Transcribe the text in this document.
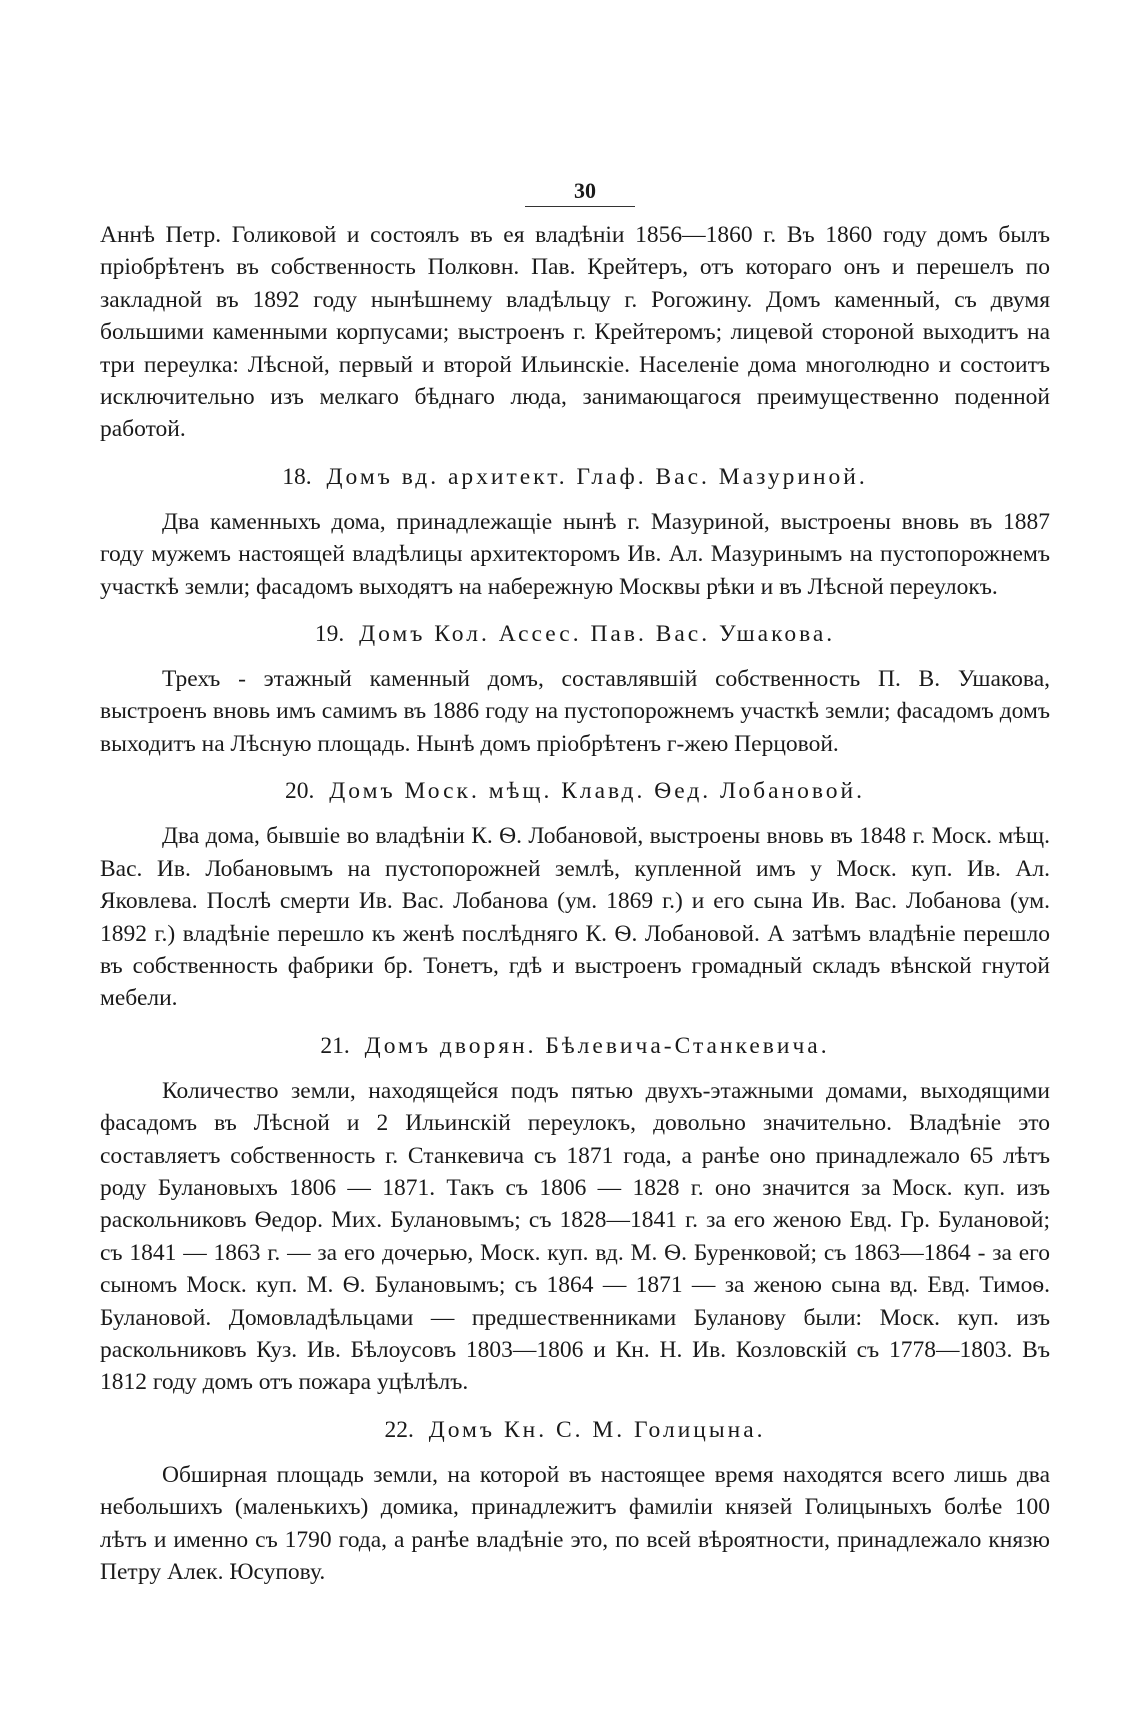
30

Аннѣ Петр. Голиковой и состоялъ въ ея владѣніи 1856—1860 г. Въ 1860 году домъ былъ пріобрѣтенъ въ собственность Полковн. Пав. Крейтеръ, отъ котораго онъ и перешелъ по закладной въ 1892 году нынѣшнему владѣльцу г. Рогожину. Домъ каменный, съ двумя большими каменными корпусами; выстроенъ г. Крейтеромъ; лицевой стороной выходитъ на три переулка: Лѣсной, первый и второй Ильинскіе. Населеніе дома многолюдно и состоитъ исключительно изъ мелкаго бѣднаго люда, занимающагося преимущественно поденной работой.

18. Домъ вд. архитект. Глаф. Вас. Мазуриной.

Два каменныхъ дома, принадлежащіе нынѣ г. Мазуриной, выстроены вновь въ 1887 году мужемъ настоящей владѣлицы архитекторомъ Ив. Ал. Мазуринымъ на пустопорожнемъ участкѣ земли; фасадомъ выходятъ на набережную Москвы рѣки и въ Лѣсной переулокъ.

19. Домъ Кол. Ассес. Пав. Вас. Ушакова.

Трехъ - этажный каменный домъ, составлявшій собственность П. В. Ушакова, выстроенъ вновь имъ самимъ въ 1886 году на пустопорожнемъ участкѣ земли; фасадомъ домъ выходитъ на Лѣсную площадь. Нынѣ домъ пріобрѣтенъ г-жею Перцовой.

20. Домъ Моск. мѣщ. Клавд. Ѳед. Лобановой.

Два дома, бывшіе во владѣніи К. Ѳ. Лобановой, выстроены вновь въ 1848 г. Моск. мѣщ. Вас. Ив. Лобановымъ на пустопорожней землѣ, купленной имъ у Моск. куп. Ив. Ал. Яковлева. Послѣ смерти Ив. Вас. Лобанова (ум. 1869 г.) и его сына Ив. Вас. Лобанова (ум. 1892 г.) владѣніе перешло къ женѣ послѣдняго К. Ѳ. Лобановой. А затѣмъ владѣніе перешло въ собственность фабрики бр. Тонетъ, гдѣ и выстроенъ громадный складъ вѣнской гнутой мебели.

21. Домъ дворян. Бѣлевича-Станкевича.

Количество земли, находящейся подъ пятью двухъ-этажными домами, выходящими фасадомъ въ Лѣсной и 2 Ильинскій переулокъ, довольно значительно. Владѣніе это составляетъ собственность г. Станкевича съ 1871 года, а ранѣе оно принадлежало 65 лѣтъ роду Булановыхъ 1806 — 1871. Такъ съ 1806 — 1828 г. оно значится за Моск. куп. изъ раскольниковъ Ѳедор. Мих. Булановымъ; съ 1828—1841 г. за его женою Евд. Гр. Булановой; съ 1841 — 1863 г. — за его дочерью, Моск. куп. вд. М. Ѳ. Буренковой; съ 1863—1864 - за его сыномъ Моск. куп. М. Ѳ. Булановымъ; съ 1864 — 1871 — за женою сына вд. Евд. Тимоѳ. Булановой. Домовладѣльцами — предшественниками Буланову были: Моск. куп. изъ раскольниковъ Куз. Ив. Бѣлоусовъ 1803—1806 и Кн. Н. Ив. Козловскій съ 1778—1803. Въ 1812 году домъ отъ пожара уцѣлѣлъ.

22. Домъ Кн. С. М. Голицына.

Обширная площадь земли, на которой въ настоящее время находятся всего лишь два небольшихъ (маленькихъ) домика, принадлежитъ фамиліи князей Голицыныхъ болѣе 100 лѣтъ и именно съ 1790 года, а ранѣе владѣніе это, по всей вѣроятности, принадлежало князю Петру Алек. Юсупову.
